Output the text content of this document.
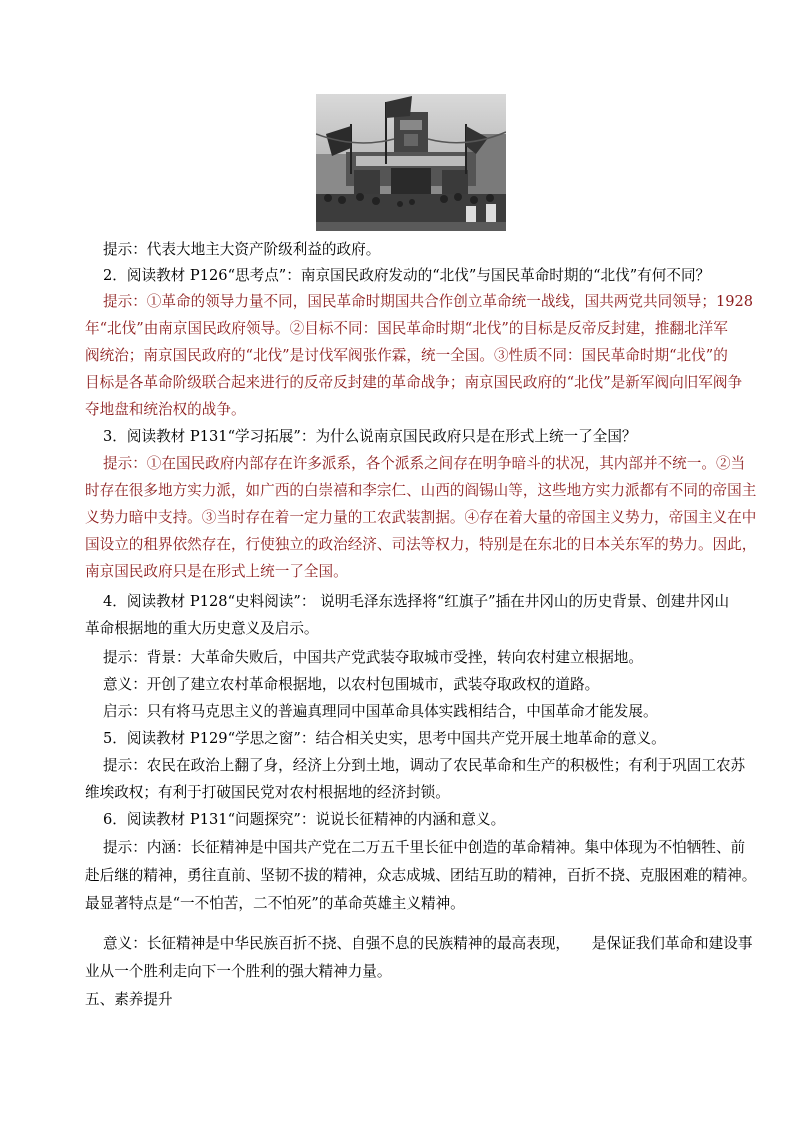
提示：代表大地主大资产阶级利益的政府。
2．阅读教材 P126“思考点”：南京国民政府发动的“北伐”与国民革命时期的“北伐”有何不同？
提示：①革命的领导力量不同，国民革命时期国共合作创立革命统一战线，国共两党共同领导；1928
年“北伐”由南京国民政府领导。②目标不同：国民革命时期“北伐”的目标是反帝反封建，推翻北洋军
阀统治；南京国民政府的“北伐”是讨伐军阀张作霖，统一全国。③性质不同：国民革命时期“北伐”的
目标是各革命阶级联合起来进行的反帝反封建的革命战争；南京国民政府的“北伐”是新军阀向旧军阀争
夺地盘和统治权的战争。
3．阅读教材 P131“学习拓展”：为什么说南京国民政府只是在形式上统一了全国？
提示：①在国民政府内部存在许多派系，各个派系之间存在明争暗斗的状况，其内部并不统一。②当
时存在很多地方实力派，如广西的白崇禧和李宗仁、山西的阎锡山等，这些地方实力派都有不同的帝国主
义势力暗中支持。③当时存在着一定力量的工农武装割据。④存在着大量的帝国主义势力，帝国主义在中
国设立的租界依然存在，行使独立的政治经济、司法等权力，特别是在东北的日本关东军的势力。因此，
南京国民政府只是在形式上统一了全国。
4．阅读教材 P128“史料阅读”： 说明毛泽东选择将“红旗子”插在井冈山的历史背景、创建井冈山
革命根据地的重大历史意义及启示。
提示：背景：大革命失败后，中国共产党武装夺取城市受挫，转向农村建立根据地。
意义：开创了建立农村革命根据地，以农村包围城市，武装夺取政权的道路。
启示：只有将马克思主义的普遍真理同中国革命具体实践相结合，中国革命才能发展。
5．阅读教材 P129“学思之窗”：结合相关史实，思考中国共产党开展土地革命的意义。
提示：农民在政治上翻了身，经济上分到土地，调动了农民革命和生产的积极性；有利于巩固工农苏
维埃政权；有利于打破国民党对农村根据地的经济封锁。
6．阅读教材 P131“问题探究”：说说长征精神的内涵和意义。
提示：内涵：长征精神是中国共产党在二万五千里长征中创造的革命精神。集中体现为不怕牺牲、前
赴后继的精神，勇往直前、坚韧不拔的精神，众志成城、团结互助的精神，百折不挠、克服困难的精神。
最显著特点是“一不怕苦，二不怕死”的革命英雄主义精神。
意义：长征精神是中华民族百折不挠、自强不息的民族精神的最高表现，　　是保证我们革命和建设事
业从一个胜利走向下一个胜利的强大精神力量。
五、素养提升
